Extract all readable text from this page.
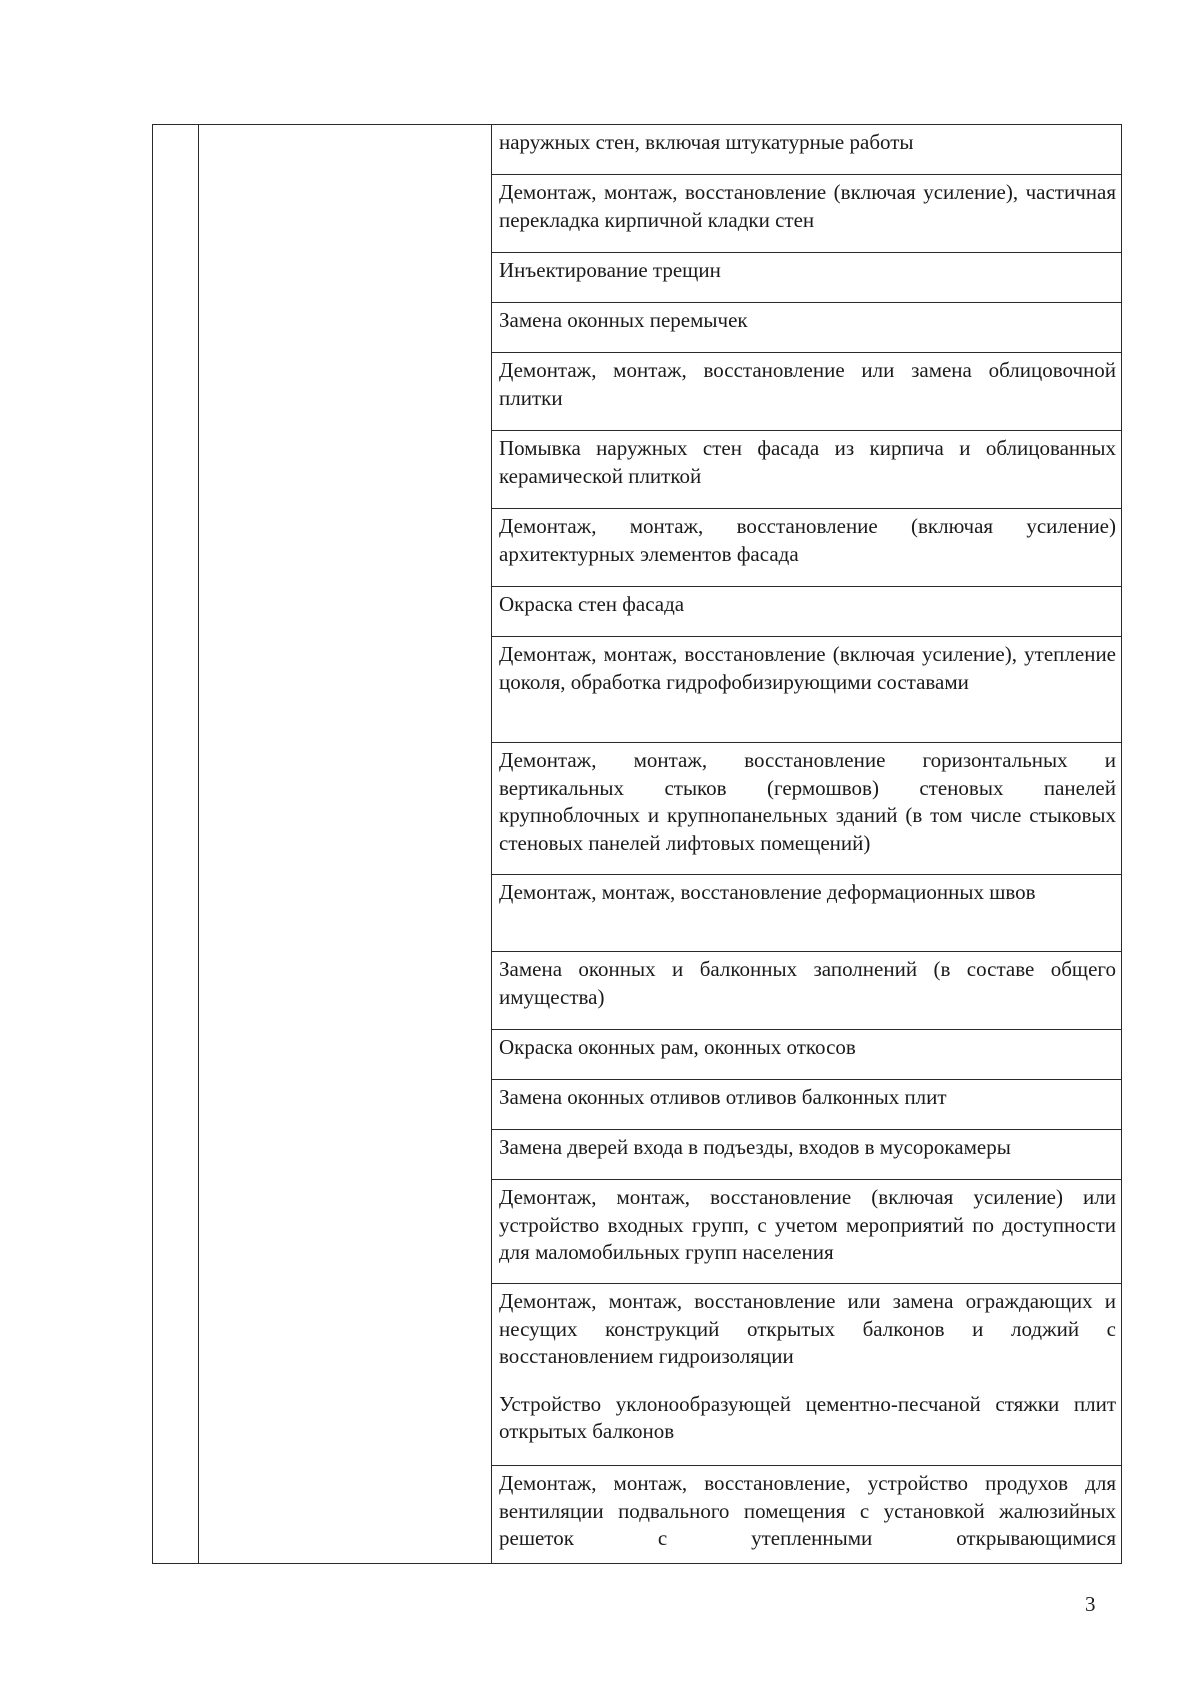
наружных стен, включая штукатурные работы

Демонтаж, монтаж, восстановление (включая усиление), частичная перекладка кирпичной кладки стен

Инъектирование трещин

Замена оконных перемычек

Демонтаж, монтаж, восстановление или замена облицовочной плитки

Помывка наружных стен фасада из кирпича и облицованных керамической плиткой

Демонтаж, монтаж, восстановление (включая усиление) архитектурных элементов фасада

Окраска стен фасада

Демонтаж, монтаж, восстановление (включая усиление), утепление цоколя, обработка гидрофобизирующими составами

Демонтаж, монтаж, восстановление горизонтальных и вертикальных стыков (гермошвов) стеновых панелей крупноблочных и крупнопанельных зданий (в том числе стыковых стеновых панелей лифтовых помещений)

Демонтаж, монтаж, восстановление деформационных швов

Замена оконных и балконных заполнений (в составе общего имущества)

Окраска оконных рам, оконных откосов

Замена оконных отливов отливов балконных плит

Замена дверей входа в подъезды, входов в мусорокамеры

Демонтаж, монтаж, восстановление (включая усиление) или устройство входных групп, с учетом мероприятий по доступности для маломобильных групп населения

Демонтаж, монтаж, восстановление или замена ограждающих и несущих конструкций открытых балконов и лоджий с восстановлением гидроизоляции

Устройство уклонообразующей цементно-песчаной стяжки плит открытых балконов

Демонтаж, монтаж, восстановление, устройство продухов для вентиляции подвального помещения с установкой жалюзийных решеток с утепленными открывающимися

3
